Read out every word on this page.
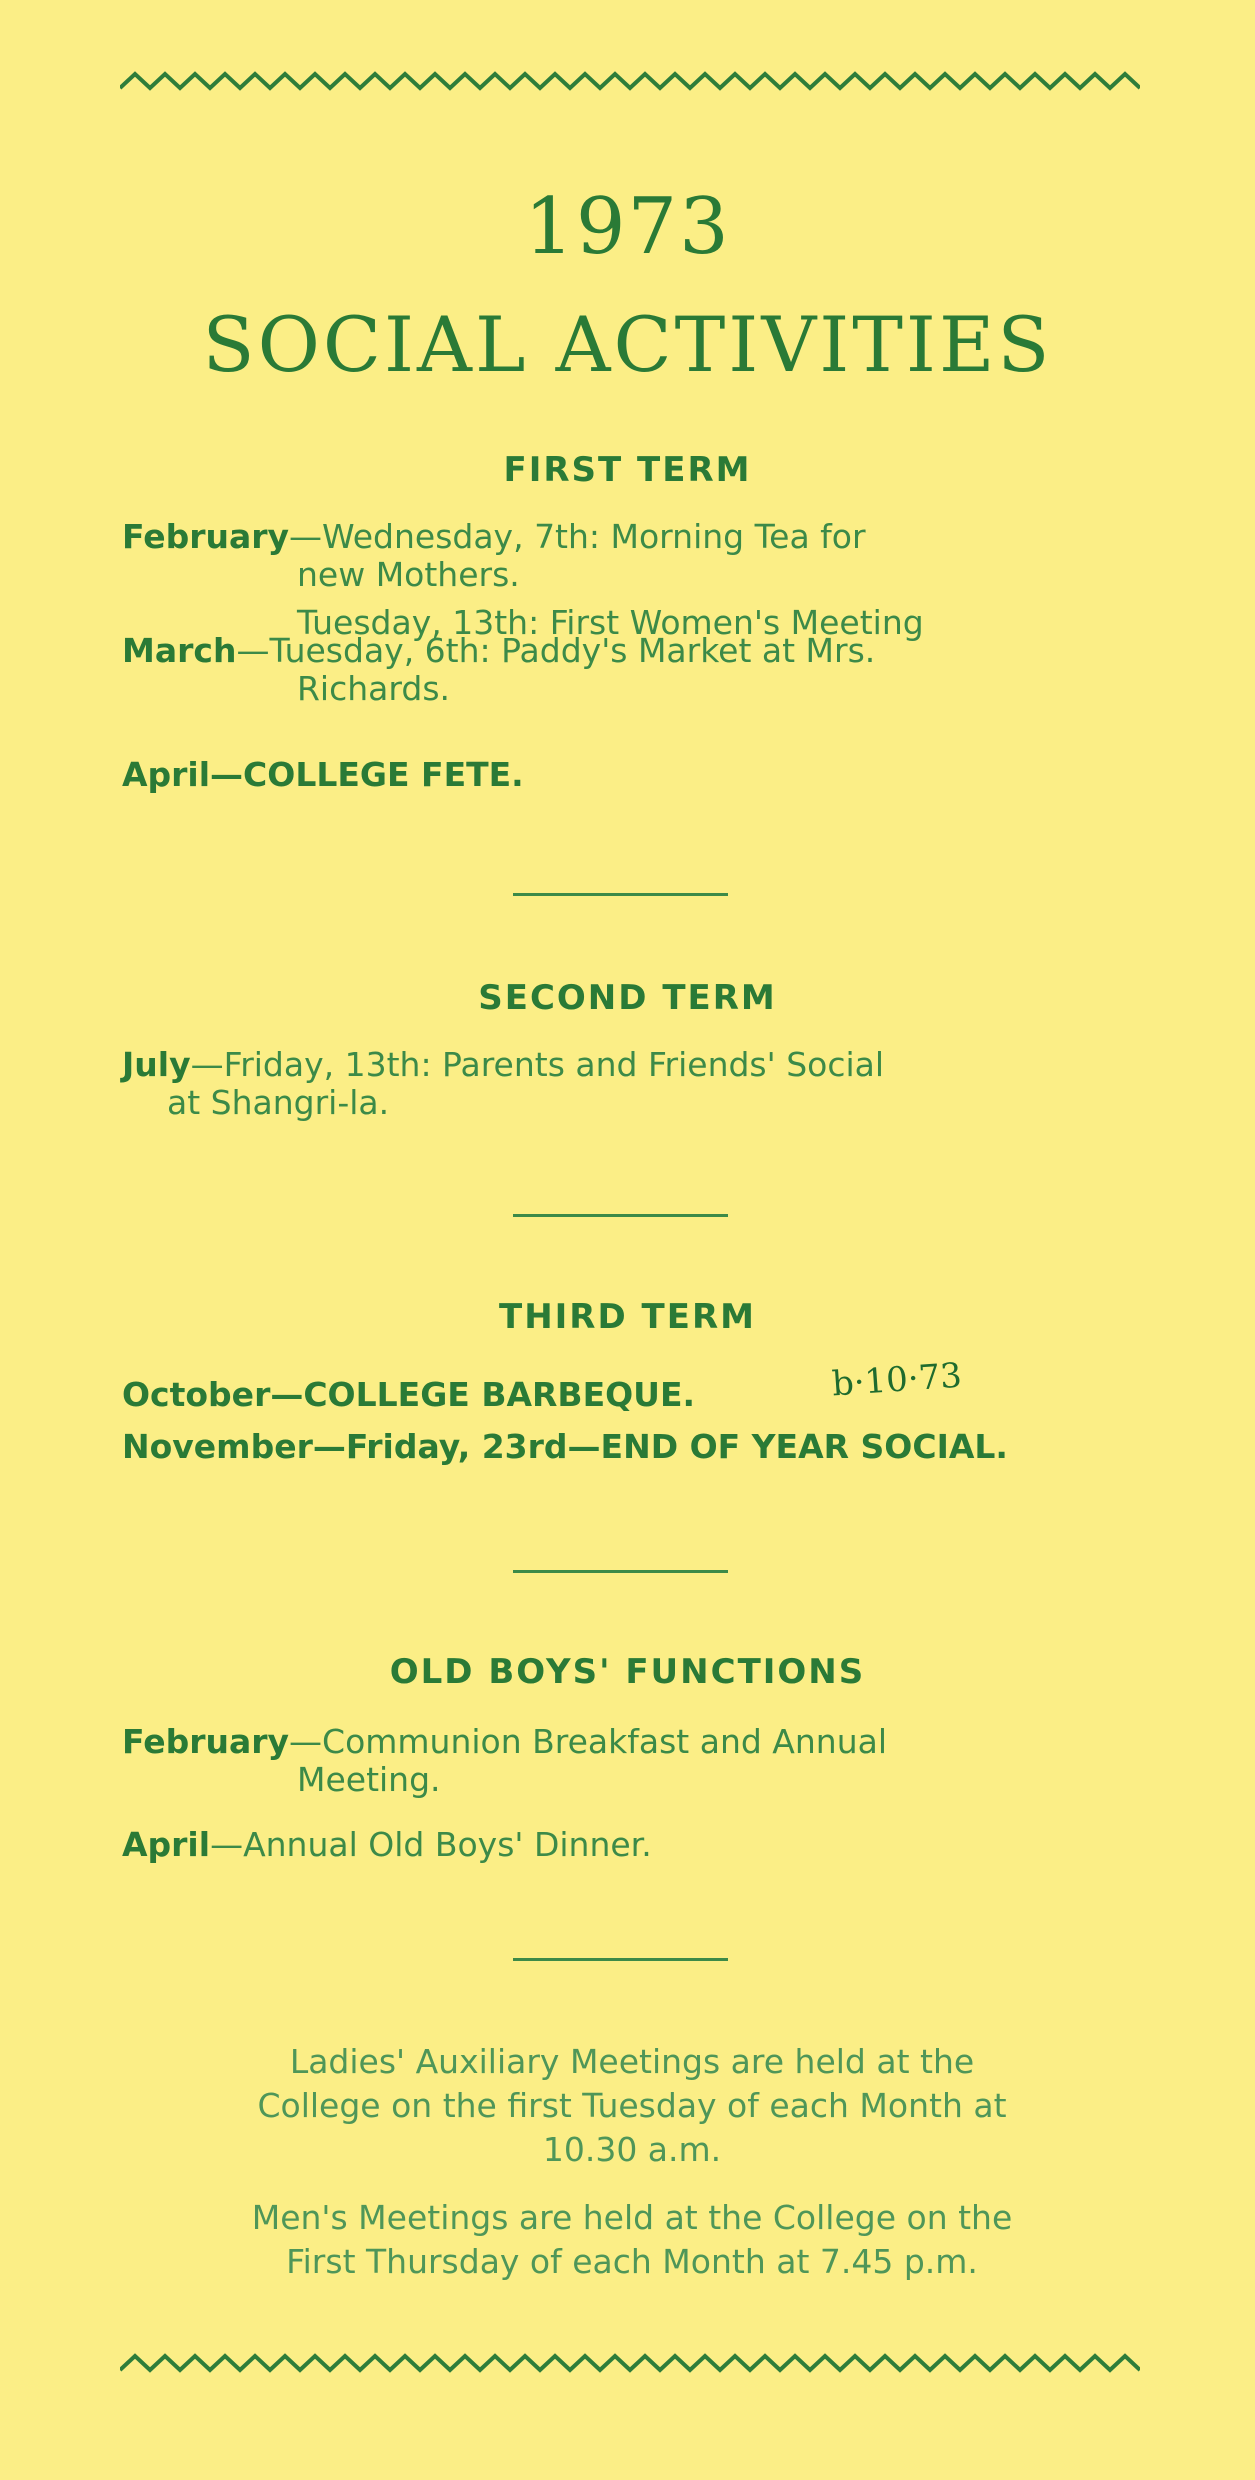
1973
SOCIAL ACTIVITIES
FIRST TERM
February—Wednesday, 7th: Morning Tea for
new Mothers.
Tuesday, 13th: First Women's Meeting
March—Tuesday, 6th: Paddy's Market at Mrs.
Richards.
April—COLLEGE FETE.
SECOND TERM
July—Friday, 13th: Parents and Friends' Social
at Shangri-la.
THIRD TERM
October—COLLEGE BARBEQUE.	b·10·73
November—Friday, 23rd—END OF YEAR SOCIAL.
OLD BOYS' FUNCTIONS
February—Communion Breakfast and Annual
Meeting.
April—Annual Old Boys' Dinner.
Ladies' Auxiliary Meetings are held at the
College on the first Tuesday of each Month at
10.30 a.m.
Men's Meetings are held at the College on the
First Thursday of each Month at 7.45 p.m.
